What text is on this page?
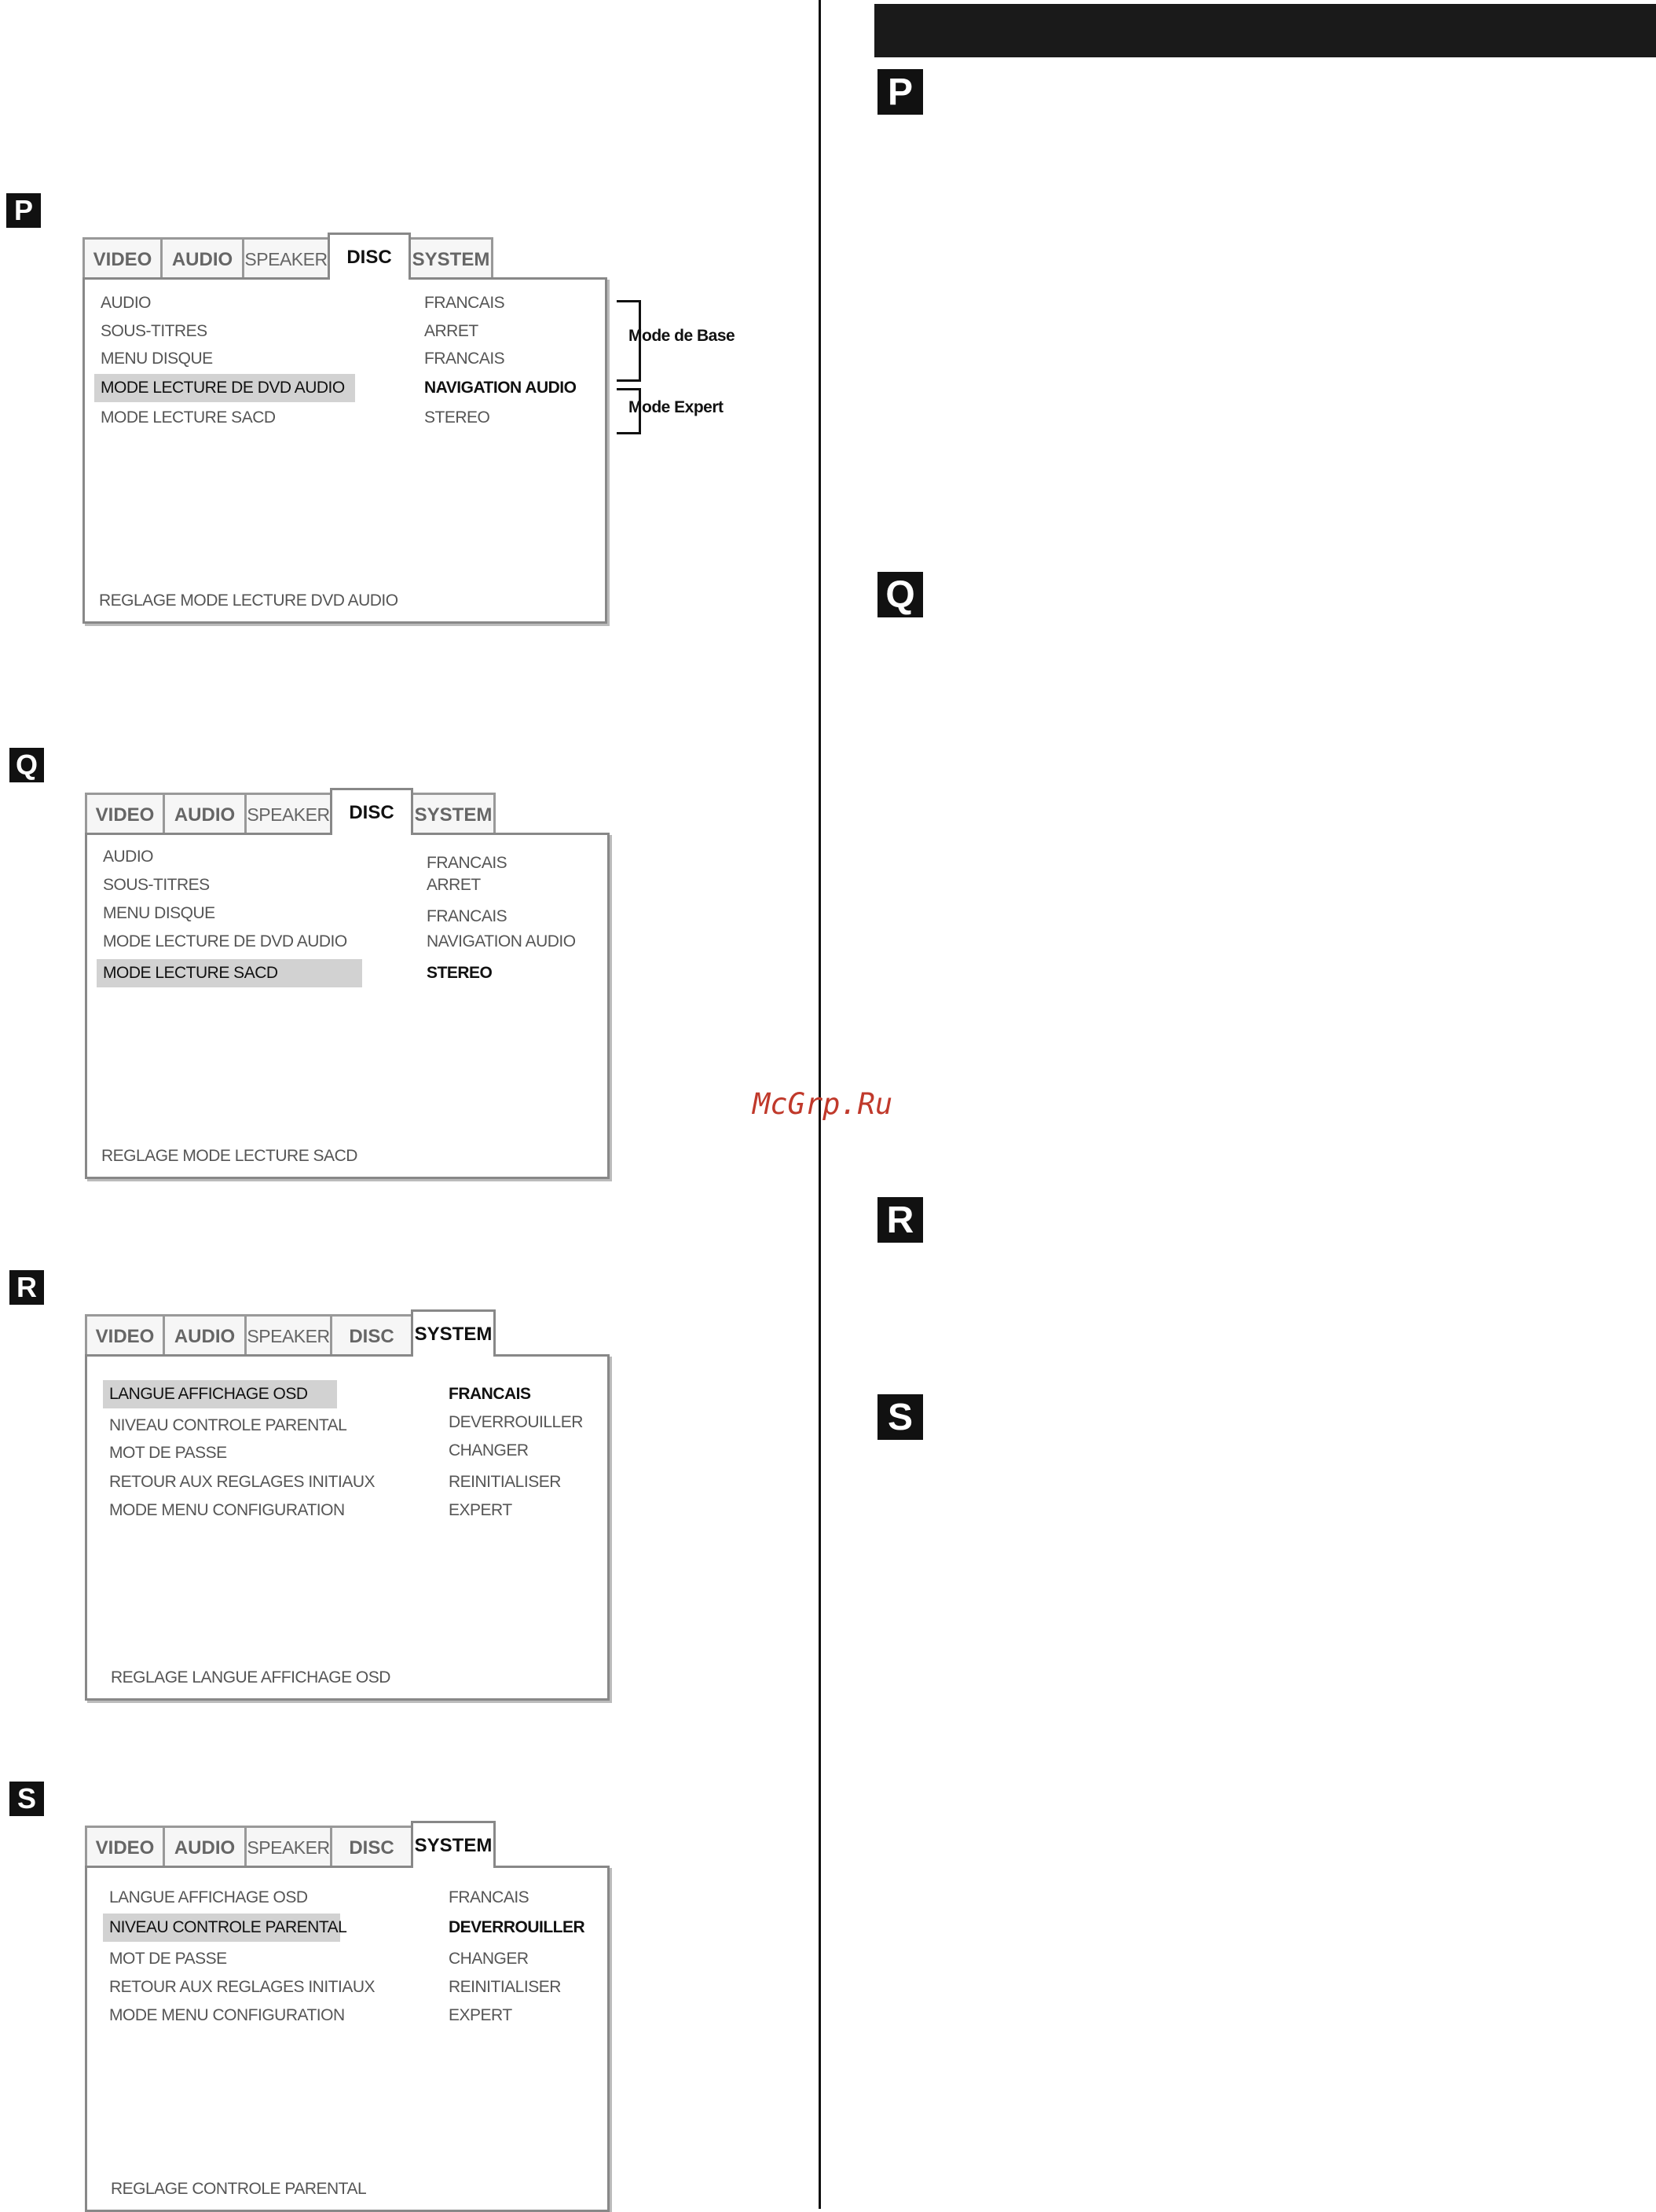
P
Q
R
S
P
Q
R
S
VIDEO	AUDIO SPEAKER	DISC	SYSTEM
AUDIO	FRANCAIS
SOUS-TITRES	ARRET
MENU DISQUE	FRANCAIS
MODE LECTURE DE DVD AUDIO	NAVIGATION AUDIO
MODE LECTURE SACD	STEREO
REGLAGE MODE LECTURE DVD AUDIO
Mode de Base
Mode Expert
VIDEO	AUDIO SPEAKER	DISC	SYSTEM
AUDIO	FRANCAIS
SOUS-TITRES	ARRET
MENU DISQUE	FRANCAIS
MODE LECTURE DE DVD AUDIO	NAVIGATION AUDIO
MODE LECTURE SACD	STEREO
REGLAGE MODE LECTURE SACD
VIDEO	AUDIO SPEAKER	DISC	SYSTEM
LANGUE AFFICHAGE OSD	FRANCAIS
NIVEAU CONTROLE PARENTAL	DEVERROUILLER
MOT DE PASSE	CHANGER
RETOUR AUX REGLAGES INITIAUX	REINITIALISER
MODE MENU CONFIGURATION	EXPERT
REGLAGE LANGUE AFFICHAGE OSD
VIDEO	AUDIO SPEAKER	DISC	SYSTEM
LANGUE AFFICHAGE OSD	FRANCAIS
NIVEAU CONTROLE PARENTAL	DEVERROUILLER
MOT DE PASSE	CHANGER
RETOUR AUX REGLAGES INITIAUX	REINITIALISER
MODE MENU CONFIGURATION	EXPERT
REGLAGE CONTROLE PARENTAL
McGrp.Ru
